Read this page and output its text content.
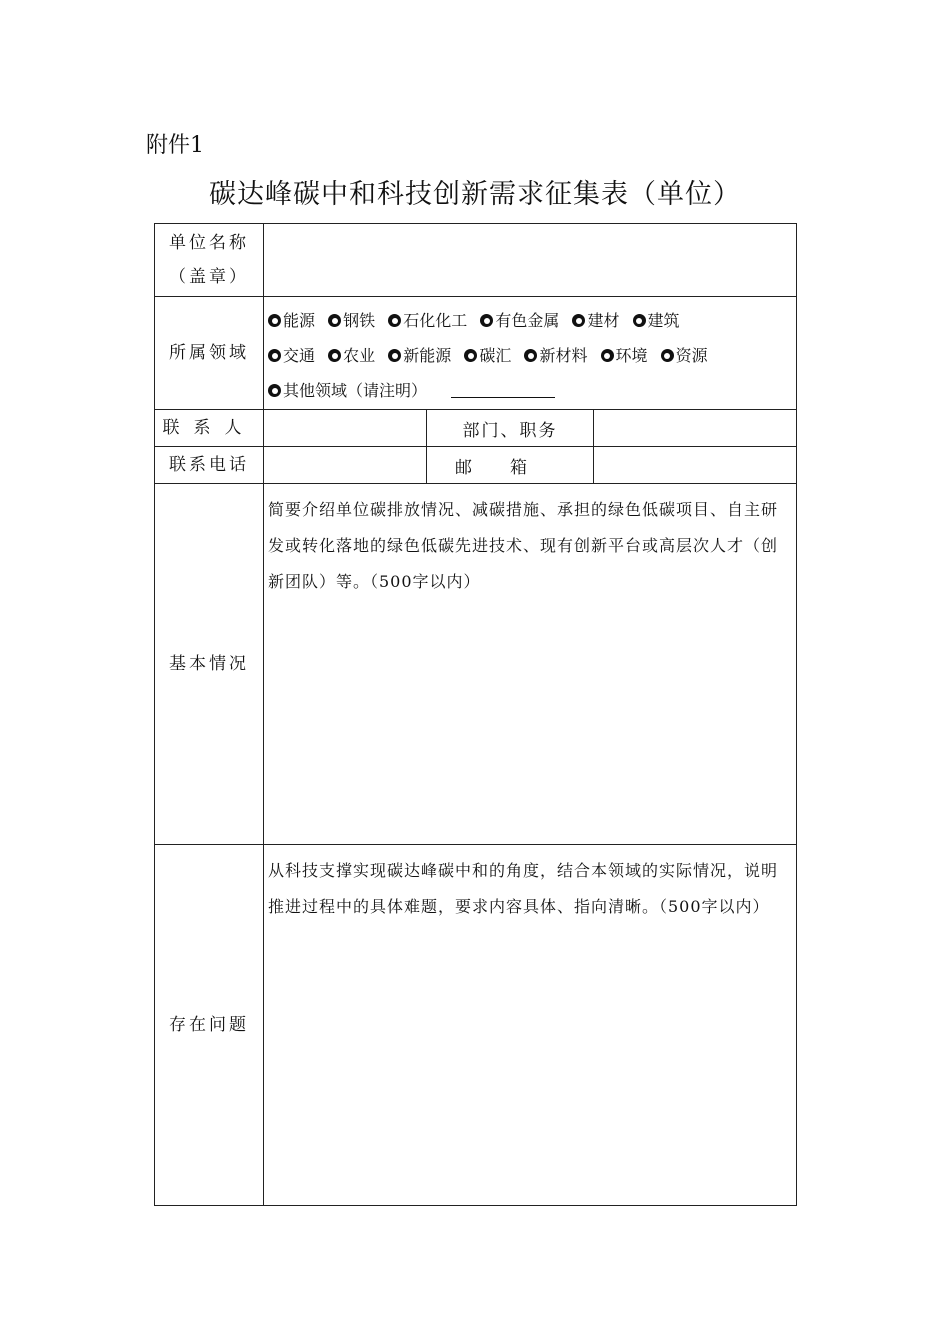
附件1
碳达峰碳中和科技创新需求征集表（单位）
单位名称
（盖章）			

所属领域	能源 钢铁 石化化工 有色金属 建材 建筑
交通 农业 新能源 碳汇 新材料 环境 资源
其他领域（请注明）		

联系人		部门、职务	
联系电话		邮箱	
基本情况	简要介绍单位碳排放情况、减碳措施、承担的绿色低碳项目、自主研发或转化落地的绿色低碳先进技术、现有创新平台或高层次人才（创新团队）等。（500字以内）		
存在问题	从科技支撑实现碳达峰碳中和的角度，结合本领域的实际情况，说明推进过程中的具体难题，要求内容具体、指向清晰。（500字以内）		
